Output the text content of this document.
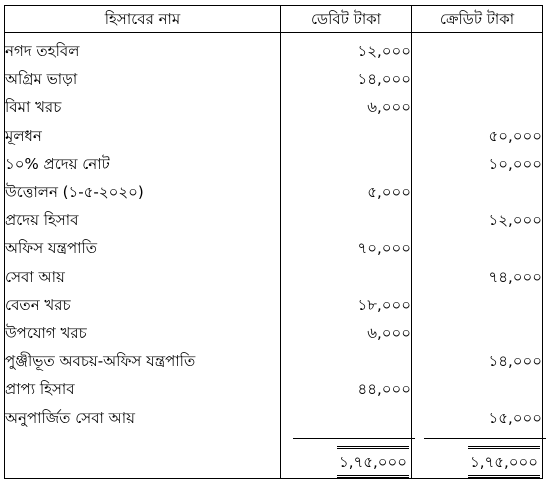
হিসাবের নাম	ডেবিট টাকা	ক্রেডিট টাকা
নগদ তহবিল	১২,০০০	
অগ্রিম ভাড়া	১৪,০০০	
বিমা খরচ	৬,০০০	
মূলধন		৫০,০০০
১০% প্রদেয় নোট		১০,০০০
উত্তোলন (১-৫-২০২০)	৫,০০০	
প্রদেয় হিসাব		১২,০০০
অফিস যন্ত্রপাতি	৭০,০০০	
সেবা আয়		৭৪,০০০
বেতন খরচ	১৮,০০০	
উপযোগ খরচ	৬,০০০	
পুঞ্জীভূত অবচয়-অফিস যন্ত্রপাতি		১৪,০০০
প্রাপ্য হিসাব	৪৪,০০০	
অনুপার্জিত সেবা আয়		১৫,০০০

	১,৭৫,০০০	১,৭৫,০০০
